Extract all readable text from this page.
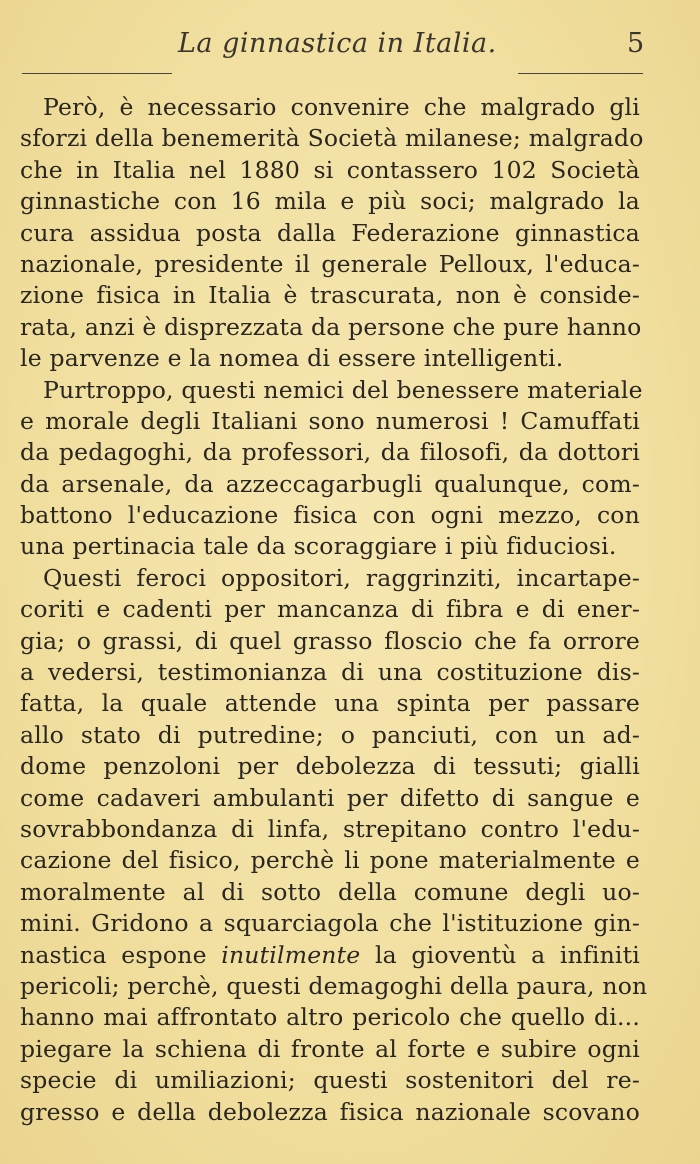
La ginnastica in Italia.	5
Però, è necessario convenire che malgrado gli
sforzi della benemerità Società milanese; malgrado
che in Italia nel 1880 si contassero 102 Società
ginnastiche con 16 mila e più soci; malgrado la
cura assidua posta dalla Federazione ginnastica
nazionale, presidente il generale Pelloux, l'educa-
zione fisica in Italia è trascurata, non è conside-
rata, anzi è disprezzata da persone che pure hanno
le parvenze e la nomea di essere intelligenti.
Purtroppo, questi nemici del benessere materiale
e morale degli Italiani sono numerosi ! Camuffati
da pedagoghi, da professori, da filosofi, da dottori
da arsenale, da azzeccagarbugli qualunque, com-
battono l'educazione fisica con ogni mezzo, con
una pertinacia tale da scoraggiare i più fiduciosi.
Questi feroci oppositori, raggrinziti, incartape-
coriti e cadenti per mancanza di fibra e di ener-
gia; o grassi, di quel grasso floscio che fa orrore
a vedersi, testimonianza di una costituzione dis-
fatta, la quale attende una spinta per passare
allo stato di putredine; o panciuti, con un ad-
dome penzoloni per debolezza di tessuti; gialli
come cadaveri ambulanti per difetto di sangue e
sovrabbondanza di linfa, strepitano contro l'edu-
cazione del fisico, perchè li pone materialmente e
moralmente al di sotto della comune degli uo-
mini. Gridono a squarciagola che l'istituzione gin-
nastica espone inutilmente la gioventù a infiniti
pericoli; perchè, questi demagoghi della paura, non
hanno mai affrontato altro pericolo che quello di...
piegare la schiena di fronte al forte e subire ogni
specie di umiliazioni; questi sostenitori del re-
gresso e della debolezza fisica nazionale scovano
